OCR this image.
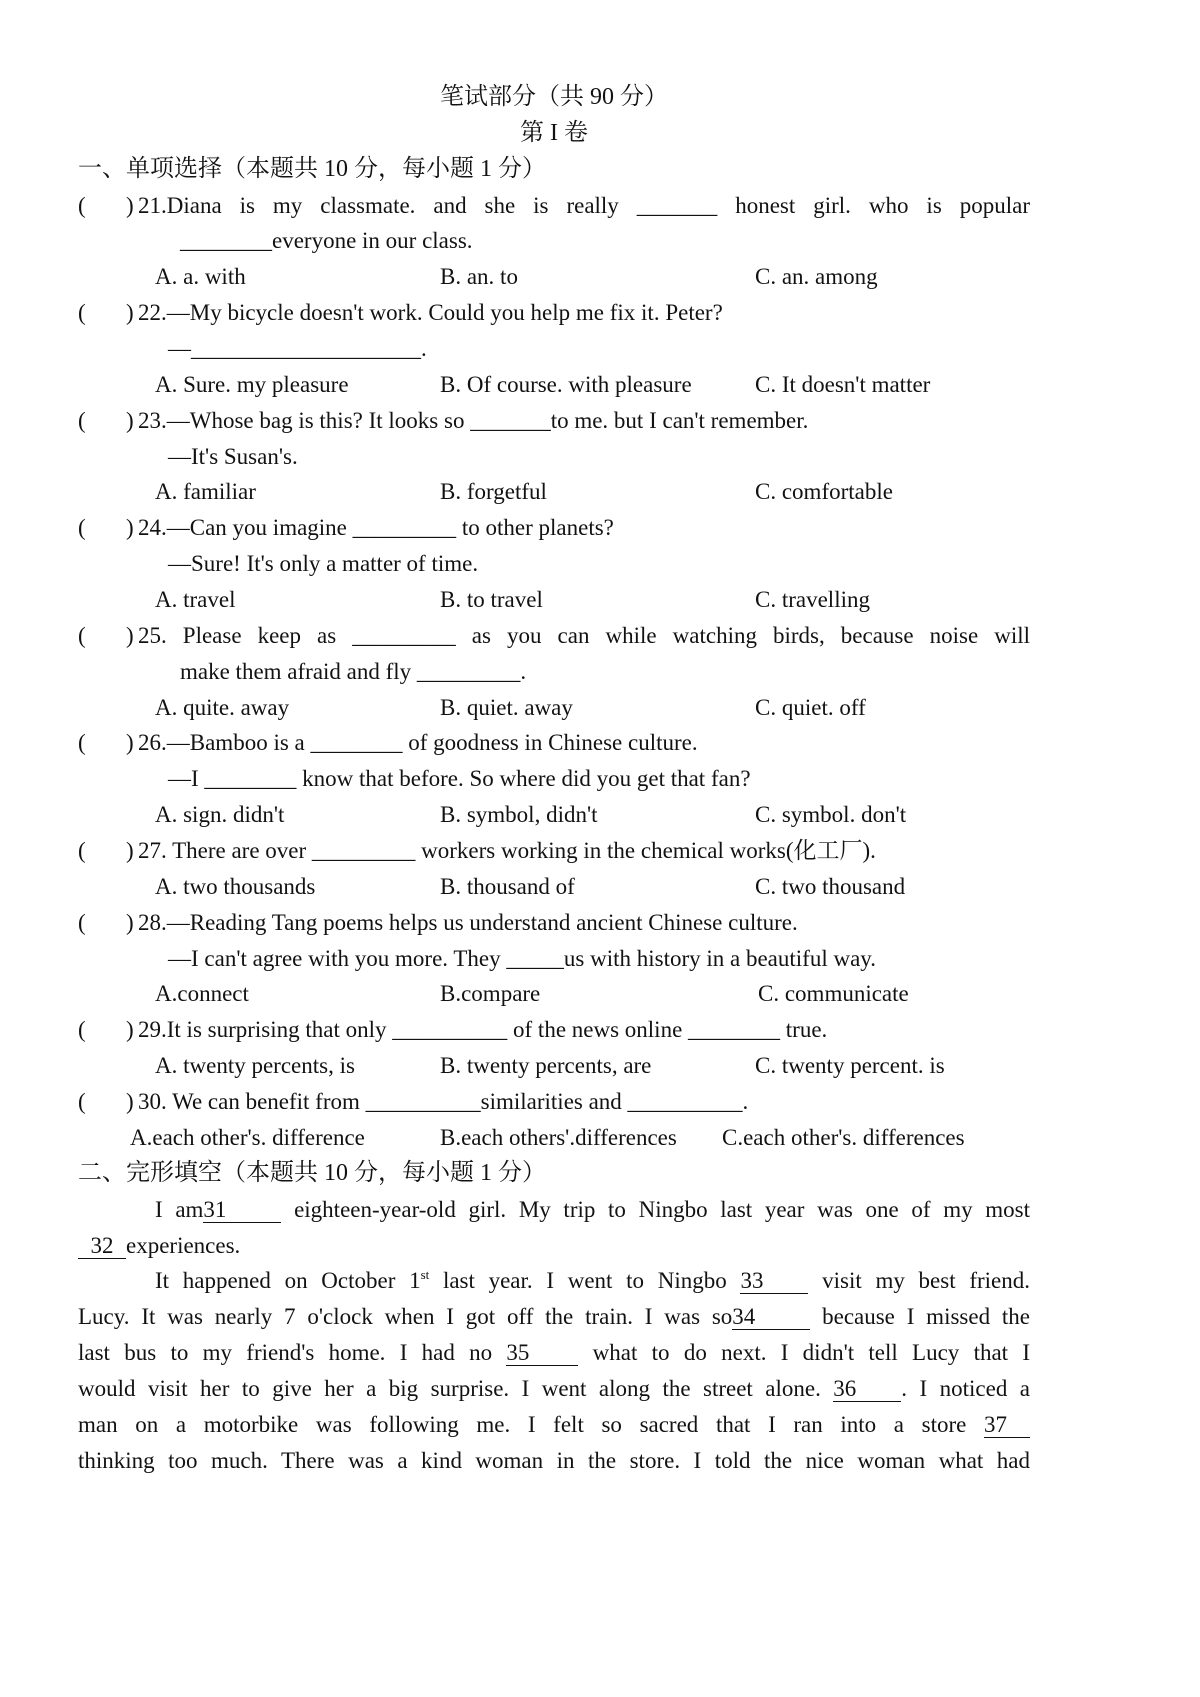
笔试部分（共 90 分）
第 I 卷
一、单项选择（本题共 10 分，每小题 1 分）
( ) 21.Diana is my classmate. and she is really _______ honest girl. who is popular
________everyone in our class.
A. a. with	B. an. to	C. an. among
( ) 22.—My bicycle doesn't work. Could you help me fix it. Peter?
—____________________.
A. Sure. my pleasure	B. Of course. with pleasure	C. It doesn't matter
( ) 23.—Whose bag is this? It looks so _______to me. but I can't remember.
—It's Susan's.
A. familiar	B. forgetful	C. comfortable
( ) 24.—Can you imagine _________ to other planets?
—Sure! It's only a matter of time.
A. travel	B. to travel	C. travelling
( ) 25. Please keep as _________ as you can while watching birds, because noise will
make them afraid and fly _________.
A. quite. away	B. quiet. away	C. quiet. off
( ) 26.—Bamboo is a ________ of goodness in Chinese culture.
—I ________ know that before. So where did you get that fan?
A. sign. didn't	B. symbol, didn't	C. symbol. don't
( ) 27. There are over _________ workers working in the chemical works(化工厂).
A. two thousands	B. thousand of	C. two thousand
( ) 28.—Reading Tang poems helps us understand ancient Chinese culture.
—I can't agree with you more. They _____us with history in a beautiful way.
A.connect	B.compare	C. communicate
( ) 29.It is surprising that only __________ of the news online ________ true.
A. twenty percents, is	B. twenty percents, are	C. twenty percent. is
( ) 30. We can benefit from __________similarities and __________.
A.each other's. difference	B.each others'.differences C.each other's. differences
二、完形填空（本题共 10 分，每小题 1 分）
I am31 eighteen-year-old girl. My trip to Ningbo last year was one of my most
32 experiences.
It happened on October 1st last year. I went to Ningbo 33 visit my best friend.
Lucy. It was nearly 7 o'clock when I got off the train. I was so34 because I missed the
last bus to my friend's home. I had no 35 what to do next. I didn't tell Lucy that I
would visit her to give her a big surprise. I went along the street alone. 36 . I noticed a
man on a motorbike was following me. I felt so sacred that I ran into a store 37
thinking too much. There was a kind woman in the store. I told the nice woman what had
